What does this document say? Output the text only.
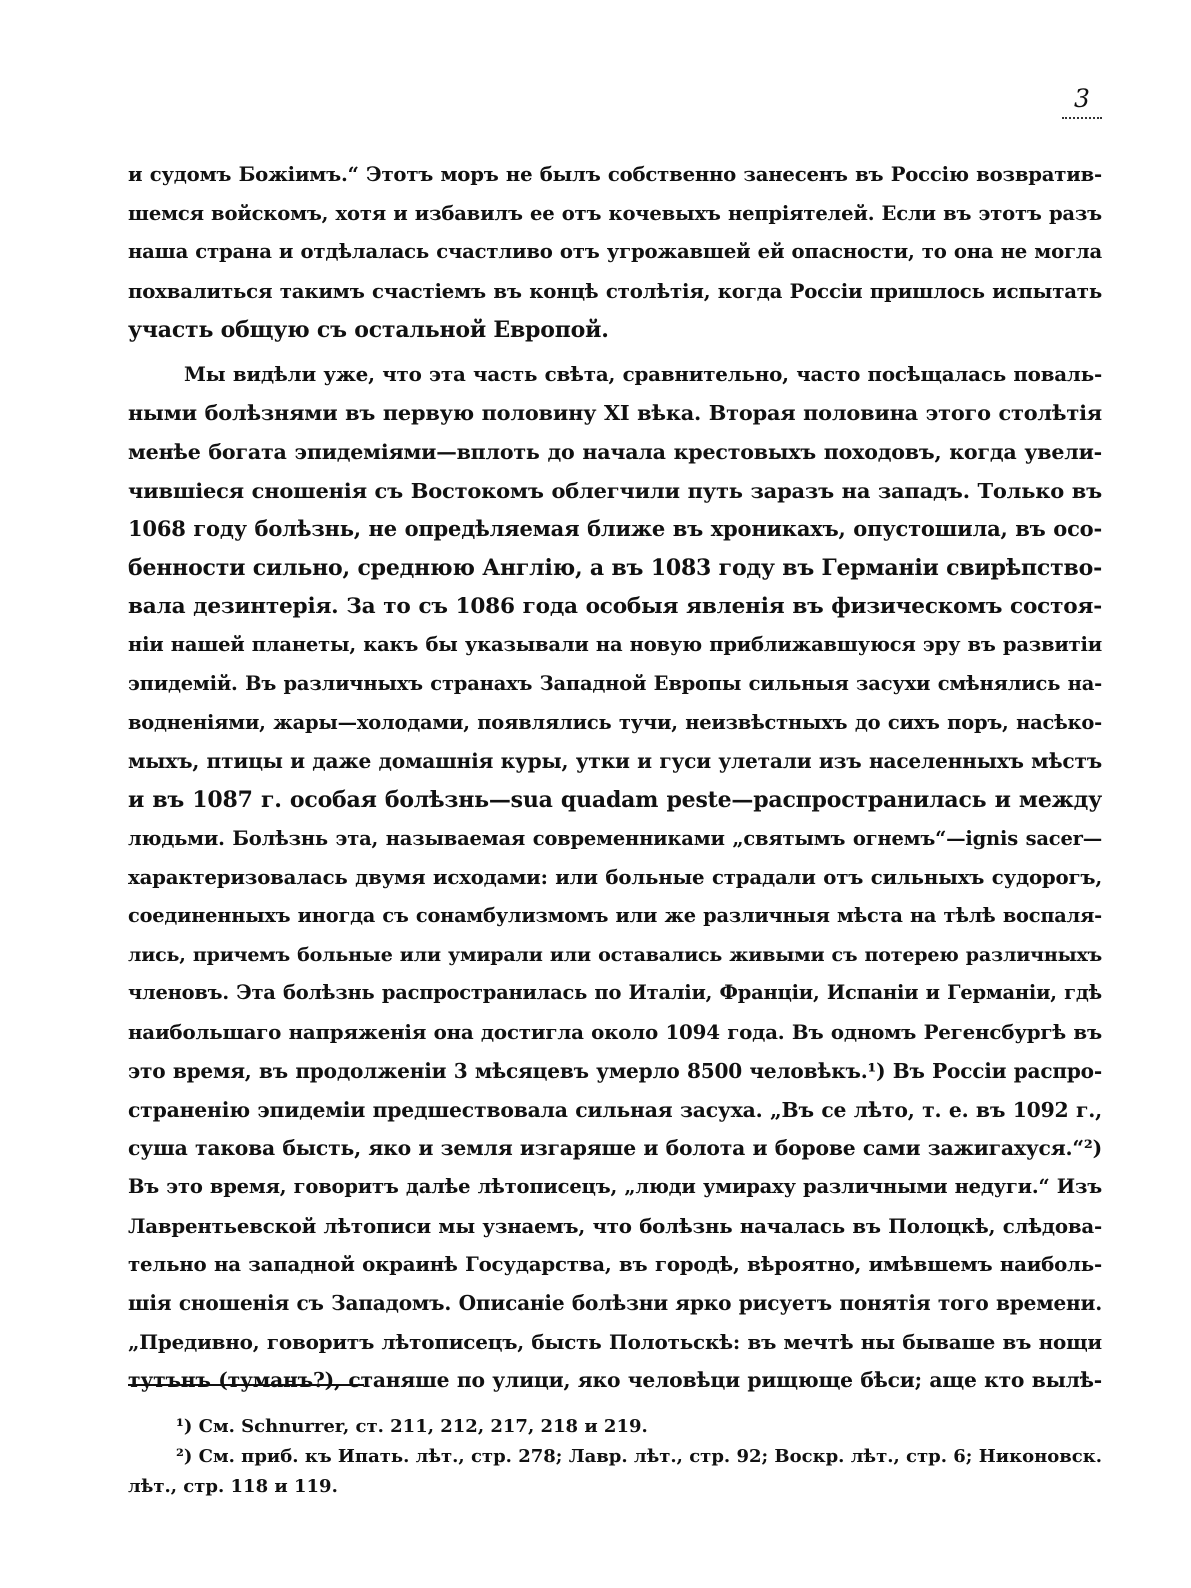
3
и судомъ Божіимъ.“ Этотъ моръ не былъ собственно занесенъ въ Россію возвратив-
шемся войскомъ, хотя и избавилъ ее отъ кочевыхъ непріятелей. Если въ этотъ разъ
наша страна и отдѣлалась счастливо отъ угрожавшей ей опасности, то она не могла
похвалиться такимъ счастіемъ въ концѣ столѣтія, когда Россіи пришлось испытать
участь общую съ остальной Европой.
Мы видѣли уже, что эта часть свѣта, сравнительно, часто посѣщалась поваль-
ными болѣзнями въ первую половину XI вѣка. Вторая половина этого столѣтія
менѣе богата эпидеміями—вплоть до начала крестовыхъ походовъ, когда увели-
чившіеся сношенія съ Востокомъ облегчили путь заразъ на западъ. Только въ
1068 году болѣзнь, не опредѣляемая ближе въ хроникахъ, опустошила, въ осо-
бенности сильно, среднюю Англію, а въ 1083 году въ Германіи свирѣпство-
вала дезинтерія. За то съ 1086 года особыя явленія въ физическомъ состоя-
ніи нашей планеты, какъ бы указывали на новую приближавшуюся эру въ развитіи
эпидемій. Въ различныхъ странахъ Западной Европы сильныя засухи смѣнялись на-
водненіями, жары—холодами, появлялись тучи, неизвѣстныхъ до сихъ поръ, насѣко-
мыхъ, птицы и даже домашнія куры, утки и гуси улетали изъ населенныхъ мѣстъ
и въ 1087 г. особая болѣзнь—sua quadam peste—распространилась и между
людьми. Болѣзнь эта, называемая современниками „святымъ огнемъ“—ignis sacer—
характеризовалась двумя исходами: или больные страдали отъ сильныхъ судорогъ,
соединенныхъ иногда съ сонамбулизмомъ или же различныя мѣста на тѣлѣ воспаля-
лись, причемъ больные или умирали или оставались живыми съ потерею различныхъ
членовъ. Эта болѣзнь распространилась по Италіи, Франціи, Испаніи и Германіи, гдѣ
наибольшаго напряженія она достигла около 1094 года. Въ одномъ Регенсбургѣ въ
это время, въ продолженіи 3 мѣсяцевъ умерло 8500 человѣкъ.¹) Въ Россіи распро-
страненію эпидеміи предшествовала сильная засуха. „Въ се лѣто, т. е. въ 1092 г.,
суша такова бысть, яко и земля изгаряше и болота и борове сами зажигахуся.“²)
Въ это время, говоритъ далѣе лѣтописецъ, „люди умираху различными недуги.“ Изъ
Лаврентьевской лѣтописи мы узнаемъ, что болѣзнь началась въ Полоцкѣ, слѣдова-
тельно на западной окраинѣ Государства, въ городѣ, вѣроятно, имѣвшемъ наиболь-
шія сношенія съ Западомъ. Описаніе болѣзни ярко рисуетъ понятія того времени.
„Предивно, говоритъ лѣтописецъ, бысть Полотьскѣ: въ мечтѣ ны бываше въ нощи
тутънъ (туманъ?), станяше по улици, яко человѣци рищюще бѣси; аще кто вылѣ-
¹) См. Schnurrer, ст. 211, 212, 217, 218 и 219.
²) См. приб. къ Ипать. лѣт., стр. 278; Лавр. лѣт., стр. 92; Воскр. лѣт., стр. 6; Никоновск.
лѣт., стр. 118 и 119.
